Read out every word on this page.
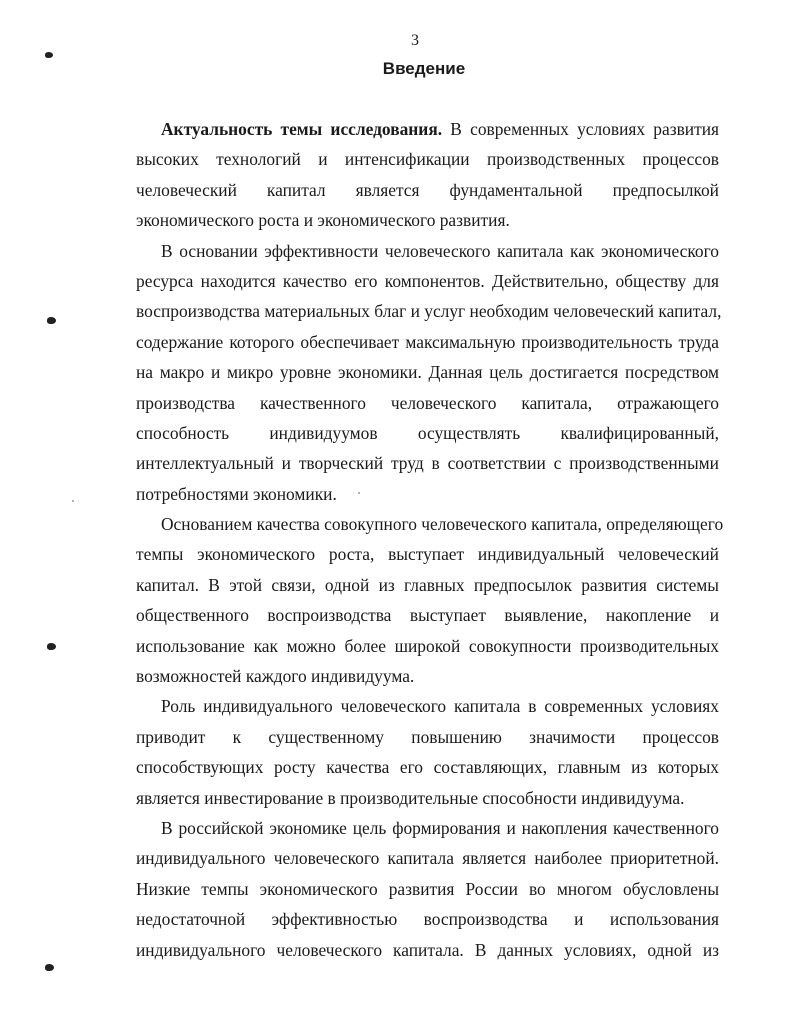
3
Введение
Актуальность темы исследования. В современных условиях развития
высоких технологий и интенсификации производственных процессов
человеческий капитал является фундаментальной предпосылкой
экономического роста и экономического развития.
В основании эффективности человеческого капитала как экономического
ресурса находится качество его компонентов. Действительно, обществу для
воспроизводства материальных благ и услуг необходим человеческий капитал,
содержание которого обеспечивает максимальную производительность труда
на макро и микро уровне экономики. Данная цель достигается посредством
производства качественного человеческого капитала, отражающего
способность индивидуумов осуществлять квалифицированный,
интеллектуальный и творческий труд в соответствии с производственными
потребностями экономики.
Основанием качества совокупного человеческого капитала, определяющего
темпы экономического роста, выступает индивидуальный человеческий
капитал. В этой связи, одной из главных предпосылок развития системы
общественного воспроизводства выступает выявление, накопление и
использование как можно более широкой совокупности производительных
возможностей каждого индивидуума.
Роль индивидуального человеческого капитала в современных условиях
приводит к существенному повышению значимости процессов
способствующих росту качества его составляющих, главным из которых
является инвестирование в производительные способности индивидуума.
В российской экономике цель формирования и накопления качественного
индивидуального человеческого капитала является наиболее приоритетной.
Низкие темпы экономического развития России во многом обусловлены
недостаточной эффективностью воспроизводства и использования
индивидуального человеческого капитала. В данных условиях, одной из
